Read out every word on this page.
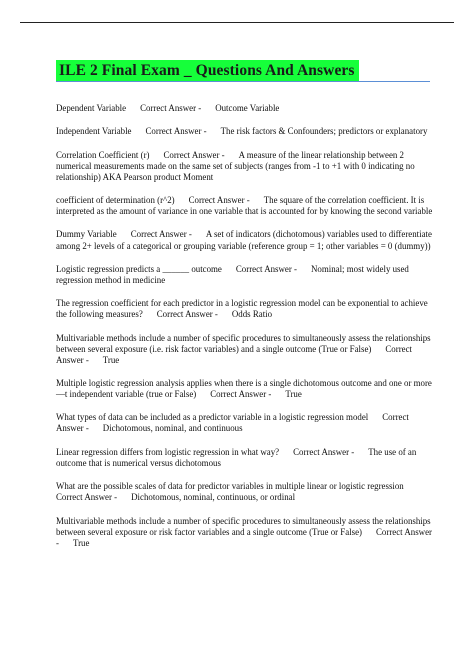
ILE 2 Final Exam _ Questions And Answers

Dependent Variable Correct Answer - Outcome Variable

Independent Variable Correct Answer - The risk factors & Confounders; predictors or explanatory

Correlation Coefficient (r) Correct Answer - A measure of the linear relationship between 2 numerical measurements made on the same set of subjects (ranges from -1 to +1 with 0 indicating no relationship) AKA Pearson product Moment

coefficient of determination (r^2) Correct Answer - The square of the correlation coefficient. It is interpreted as the amount of variance in one variable that is accounted for by knowing the second variable

Dummy Variable Correct Answer - A set of indicators (dichotomous) variables used to differentiate among 2+ levels of a categorical or grouping variable (reference group = 1; other variables = 0 (dummy))

Logistic regression predicts a ______ outcome Correct Answer - Nominal; most widely used regression method in medicine

The regression coefficient for each predictor in a logistic regression model can be exponential to achieve the following measures? Correct Answer - Odds Ratio

Multivariable methods include a number of specific procedures to simultaneously assess the relationships between several exposure (i.e. risk factor variables) and a single outcome (True or False) Correct Answer - True

Multiple logistic regression analysis applies when there is a single dichotomous outcome and one or more—t independent variable (true or False) Correct Answer - True

What types of data can be included as a predictor variable in a logistic regression model Correct Answer - Dichotomous, nominal, and continuous

Linear regression differs from logistic regression in what way? Correct Answer - The use of an outcome that is numerical versus dichotomous

What are the possible scales of data for predictor variables in multiple linear or logistic regressionCorrect Answer - Dichotomous, nominal, continuous, or ordinal

Multivariable methods include a number of specific procedures to simultaneously assess the relationships between several exposure or risk factor variables and a single outcome (True or False) Correct Answer - True
